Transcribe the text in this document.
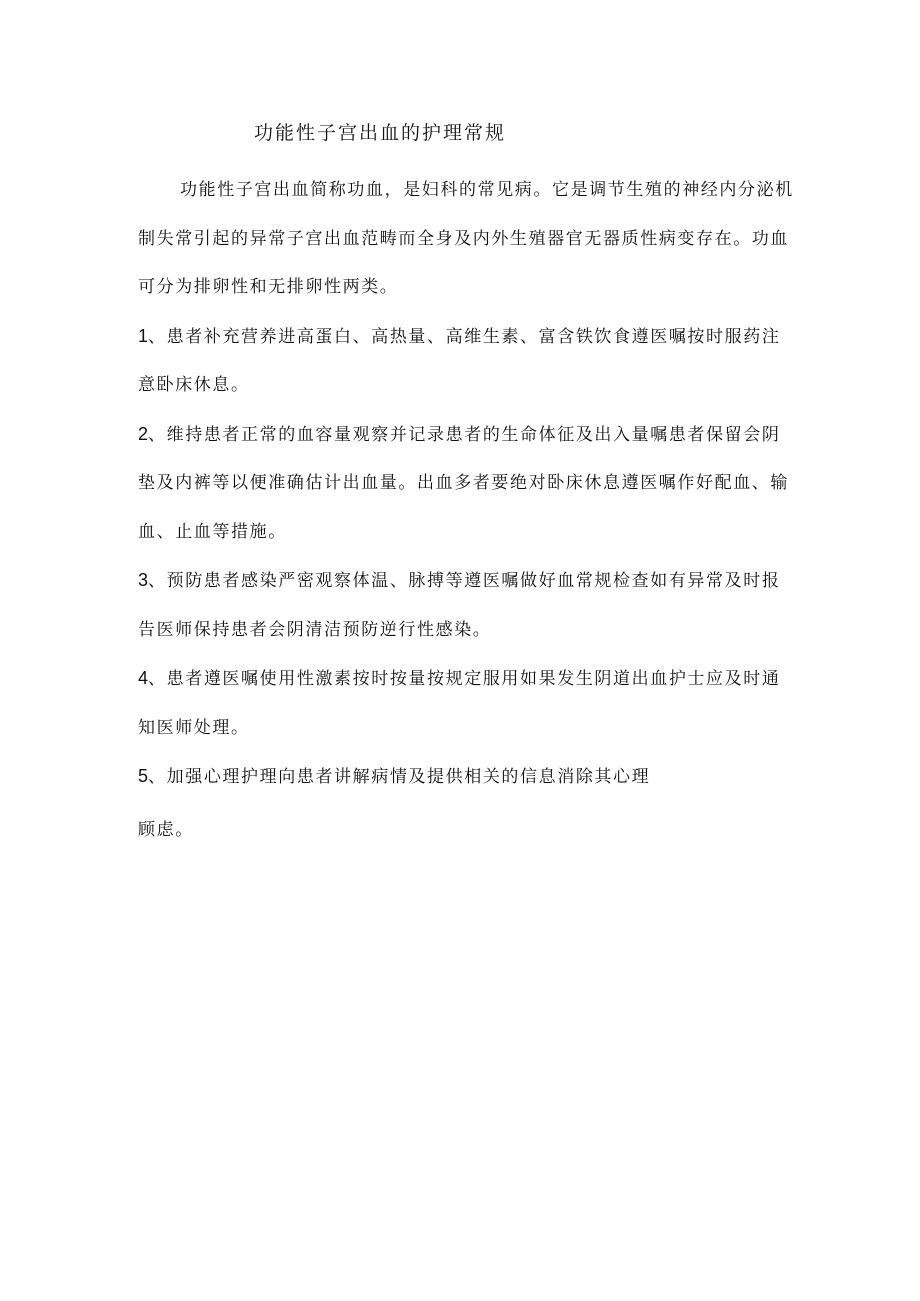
功能性子宫出血的护理常规

功能性子宫出血简称功血，是妇科的常见病。它是调节生殖的神经内分泌机制失常引起的异常子宫出血范畴而全身及内外生殖器官无器质性病变存在。功血可分为排卵性和无排卵性两类。

1、患者补充营养进高蛋白、高热量、高维生素、富含铁饮食遵医嘱按时服药注意卧床休息。

2、维持患者正常的血容量观察并记录患者的生命体征及出入量嘱患者保留会阴垫及内裤等以便准确估计出血量。出血多者要绝对卧床休息遵医嘱作好配血、输血、止血等措施。

3、预防患者感染严密观察体温、脉搏等遵医嘱做好血常规检查如有异常及时报告医师保持患者会阴清洁预防逆行性感染。

4、患者遵医嘱使用性激素按时按量按规定服用如果发生阴道出血护士应及时通知医师处理。

5、加强心理护理向患者讲解病情及提供相关的信息消除其心理

顾虑。
